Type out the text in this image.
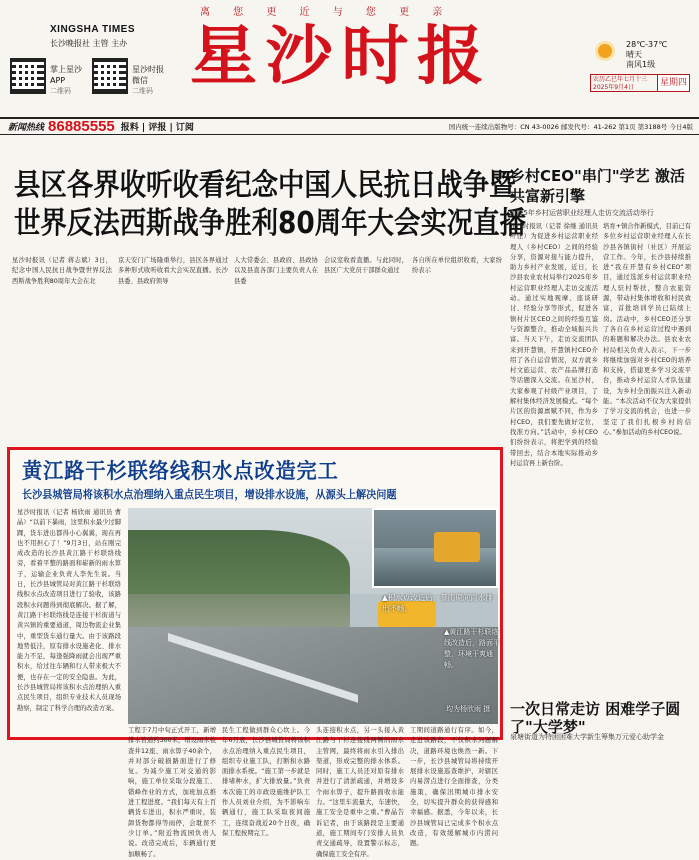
离 您 更 近 与 您 更 亲
XINGSHA TIMES
长沙晚报社 主管 主办
掌上星沙
APP
二维码
星沙时报
微信
二维码 星沙时报	28℃-37℃
晴天
南风1级
农历乙巳年七月十三
2025年9月4日	星期四
新闻热线 86885555 报料 | 评报 | 订阅	国内统一连续出版物号：CN 43-0026 邮发代号：41-262 第1页 第3188号 今日4版
县区各界收听收看纪念中国人民抗日战争暨
世界反法西斯战争胜利80周年大会实况直播
星沙时报讯（记者 蒋志斌）3日，纪念中国人民抗日战争暨世界反法西斯战争胜利80周年大会在北
京天安门广场隆重举行，县区各界通过多种形式收听收看大会实况直播。长沙县委、县政府领导
人大常委会、县政府、县政协以及县直各部门主要负责人在县委
会议室收看直播。与此同时，县区广大党员干部群众通过
各自所在单位组织收看，大家纷纷表示
乡村CEO"串门"学艺 激活共富新引擎
2025年乡村运营职业经理人走访交流活动举行
星沙时报讯（记者 徐继 通讯员 叶佳）为促进乡村运营职业经理人（乡村CEO）之间的经验分享，资源对接与能力提升，助力乡村产业发展，近日，长沙县农业农村局举行2025年乡村运营职业经理人走访交流活动。通过实地观摩、座谈研讨、经验分享等形式，促进各镇村片区CEO之间的经验互鉴与资源整合，推动全域振兴共富。当天下午，走访交流团队来到开慧镇，开慧镇村CEO介绍了各自运营情况，双方就乡村文旅运营、农产品品牌打造等话题深入交流。在星沙村，大家参观了村级产业项目，了解村集体经济发展模式。“每个片区的资源禀赋不同，作为乡村CEO，我们要先做好定位，找准方向。”活动中，乡村CEO们纷纷表示，将把学到的经验带回去，结合本地实际推动乡村运营再上新台阶。
培育+镇合作新模式，目前已有多位乡村运营职业经理人在长沙县各镇街村（社区）开展运营工作。今年，长沙县持续推进“我在开慧有乡村CEO”项目，通过选派乡村运营职业经理人驻村帮扶，整合农旅资源，带动村集体增收和村民致富，首批培训学员已陆续上岗。活动中，乡村CEO还分享了各自在乡村运营过程中遇到的难题和解决办法。县农业农村局相关负责人表示，下一步将继续加强对乡村CEO的培养和支持，搭建更多学习交流平台，推动乡村运营人才队伍建设，为乡村全面振兴注入新动能。“本次活动不仅为大家提供了学习交流的机会，也进一步坚定了我们扎根乡村的信心。”参加活动的乡村CEO说。
黄江路干杉联络线积水点改造完工
长沙县城管局将该积水点治理纳入重点民生项目，增设排水设施，从源头上解决问题
星沙时报讯（记者 杨欣雨 通讯员 曹晶）“以前下暴雨，这里积水最少过脚踝，货车进出都得小心翼翼，现在再也不用担心了！”9月3日，站在刚完成改造的长沙县黄江路干杉联络线旁，看着平整的路面和崭新的雨水箅子，运输企业负责人李先生说。当日，长沙县城管局对黄江路干杉联络线积水点改造项目进行了验收，该路段积水问题得到彻底解决。据了解，黄江路干杉联络线是连接干杉街道与黄兴镇的重要通道，周边物流企业集中，重型货车通行量大。由于该路段地势低洼，原有排水设施老化、排水能力不足，每逢强降雨就会出现严重积水，给过往车辆和行人带来极大不便，也存在一定的安全隐患。为此，长沙县城管局将该积水点治理纳入重点民生项目，组织专业技术人员现场勘察，制定了科学合理的改造方案。
▲积水点改造后，暴雨期间雨水排出不畅。
▲黄江路干杉联络线改造后，路面平整，环境干爽通畅。
均为杨欣雨 摄
工程于7月中旬正式开工，新增排水管道约300米，增设雨水检查井12座、雨水箅子40余个，并对部分破损路面进行了修复。为减少施工对交通的影响，施工单位采取分段施工、错峰作业的方式，加班加点推进工程进度。“我们每天有上百辆货车进出，积水严重时，装卸货物都得等雨停，会耽误不少订单。”附近物流园负责人说。改造完成后，车辆通行更加顺畅了。
民生工程做到群众心坎上。今年6月底，长沙县城管局将该积水点治理纳入重点民生项目，组织专业施工队，打断积水路面排水系统。“施工第一步就是排堵种水，扩大排放量。”负责本次施工的市政设施维护队工作人员刘业介绍，为不影响车辆通行，施工队采取夜间施工，连续奋战近20个日夜，确保工程按期完工。
头连接积水点，另一头接入黄江路与干杉连接线两侧的雨水主管网，最终将雨水引入排出渠道，形成完整的排水体系。同时，施工人员还对原有排水井进行了清淤疏通，并增设多个雨水箅子，提升路面收水能力。“这里车流量大，车速快，施工安全是重中之重。”曹晶告诉记者，由于该路段是主要通道，施工期间专门安排人员负责交通疏导，设置警示标志，确保施工安全有序。
工期间道路通行有序。如今，走进该路段，不仅积水问题解决，道路环境也焕然一新。下一步，长沙县城管局将持续开展排水设施巡查维护，对辖区内易涝点进行全面排查，分类施策，确保汛期城市排水安全，切实提升群众的获得感和幸福感。据悉，今年以来，长沙县城管局已完成多个积水点改造，有效缓解城市内涝问题。
一次日常走访 困难学子圆了"大学梦"
泉塘街道为特困困难大学新生筹集万元爱心助学金
